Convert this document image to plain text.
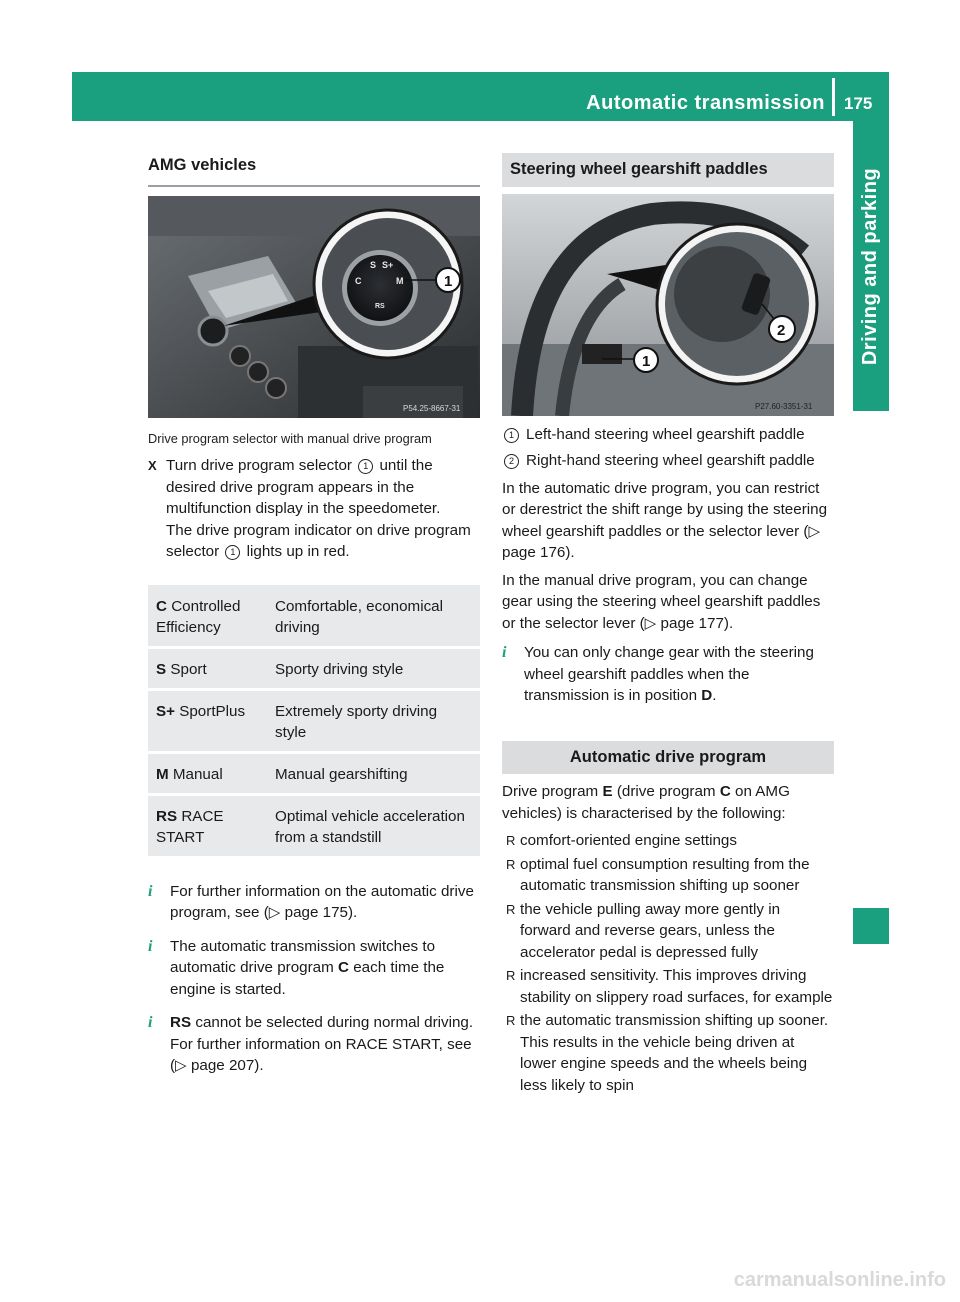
Automatic transmission 175
Driving and parking
AMG vehicles
S S+
C	M
RS
1
P54.25-8667-31
Drive program selector with manual drive program
X Turn drive program selector 1 until the desired drive program appears in the multifunction display in the speedometer.
The drive program indicator on drive program selector 1 lights up in red.
C Controlled Efficiency	Comfortable, economical driving
S Sport	Sporty driving style
S+ SportPlus	Extremely sporty driving style
M Manual	Manual gearshifting
RS RACE START	Optimal vehicle acceleration from a standstill
i	For further information on the automatic drive program, see (▷ page 175).
i	The automatic transmission switches to automatic drive program C each time the engine is started.
i	RS cannot be selected during normal driving. For further information on RACE START, see (▷ page 207).
Steering wheel gearshift paddles
2
1
P27.60-3351-31
1 Left-hand steering wheel gearshift paddle
2 Right-hand steering wheel gearshift paddle

In the automatic drive program, you can restrict or derestrict the shift range by using the steering wheel gearshift paddles or the selector lever (▷ page 176).

In the manual drive program, you can change gear using the steering wheel gearshift paddles or the selector lever (▷ page 177).

i	You can only change gear with the steering wheel gearshift paddles when the transmission is in position D.
Automatic drive program

Drive program E (drive program C on AMG vehicles) is characterised by the following:

R comfort-oriented engine settings
R optimal fuel consumption resulting from the automatic transmission shifting up sooner
R the vehicle pulling away more gently in forward and reverse gears, unless the accelerator pedal is depressed fully
R increased sensitivity. This improves driving stability on slippery road surfaces, for example
R the automatic transmission shifting up sooner. This results in the vehicle being driven at lower engine speeds and the wheels being less likely to spin
carmanualsonline.info
